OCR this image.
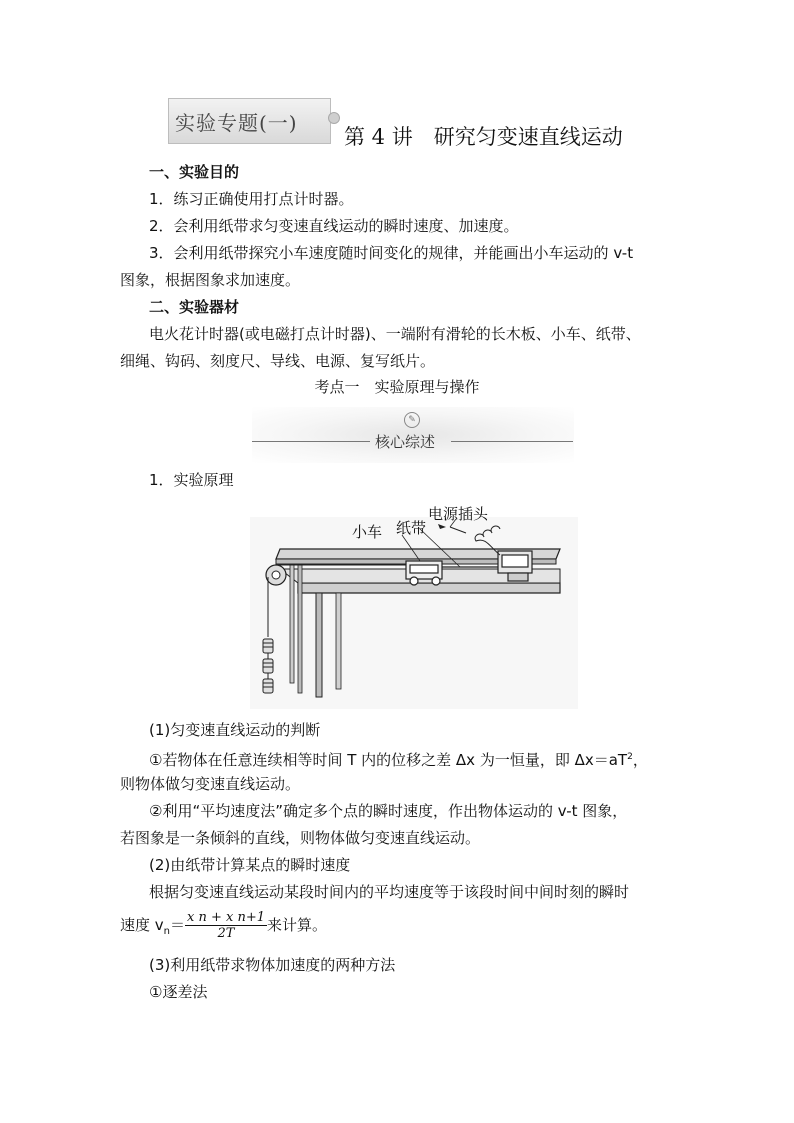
实验专题(一)
第 4 讲　研究匀变速直线运动
一、实验目的
1．练习正确使用打点计时器。
2．会利用纸带求匀变速直线运动的瞬时速度、加速度。
3．会利用纸带探究小车速度随时间变化的规律，并能画出小车运动的 v-t
图象，根据图象求加速度。
二、实验器材
电火花计时器(或电磁打点计时器)、一端附有滑轮的长木板、小车、纸带、
细绳、钩码、刻度尺、导线、电源、复写纸片。
考点一　实验原理与操作
✎
核心综述
1．实验原理
小车 纸带
电源插头
(1)匀变速直线运动的判断
①若物体在任意连续相等时间 T 内的位移之差 Δx 为一恒量，即 $\Delta x=aT^2$，
则物体做匀变速直线运动。
②利用“平均速度法”确定多个点的瞬时速度，作出物体运动的 v-t 图象，
若图象是一条倾斜的直线，则物体做匀变速直线运动。
(2)由纸带计算某点的瞬时速度
根据匀变速直线运动某段时间内的平均速度等于该段时间中间时刻的瞬时
速度 $v_n= \frac{\text{x n + x n+1}}{2T}$ 来计算。
(3)利用纸带求物体加速度的两种方法
①逐差法
